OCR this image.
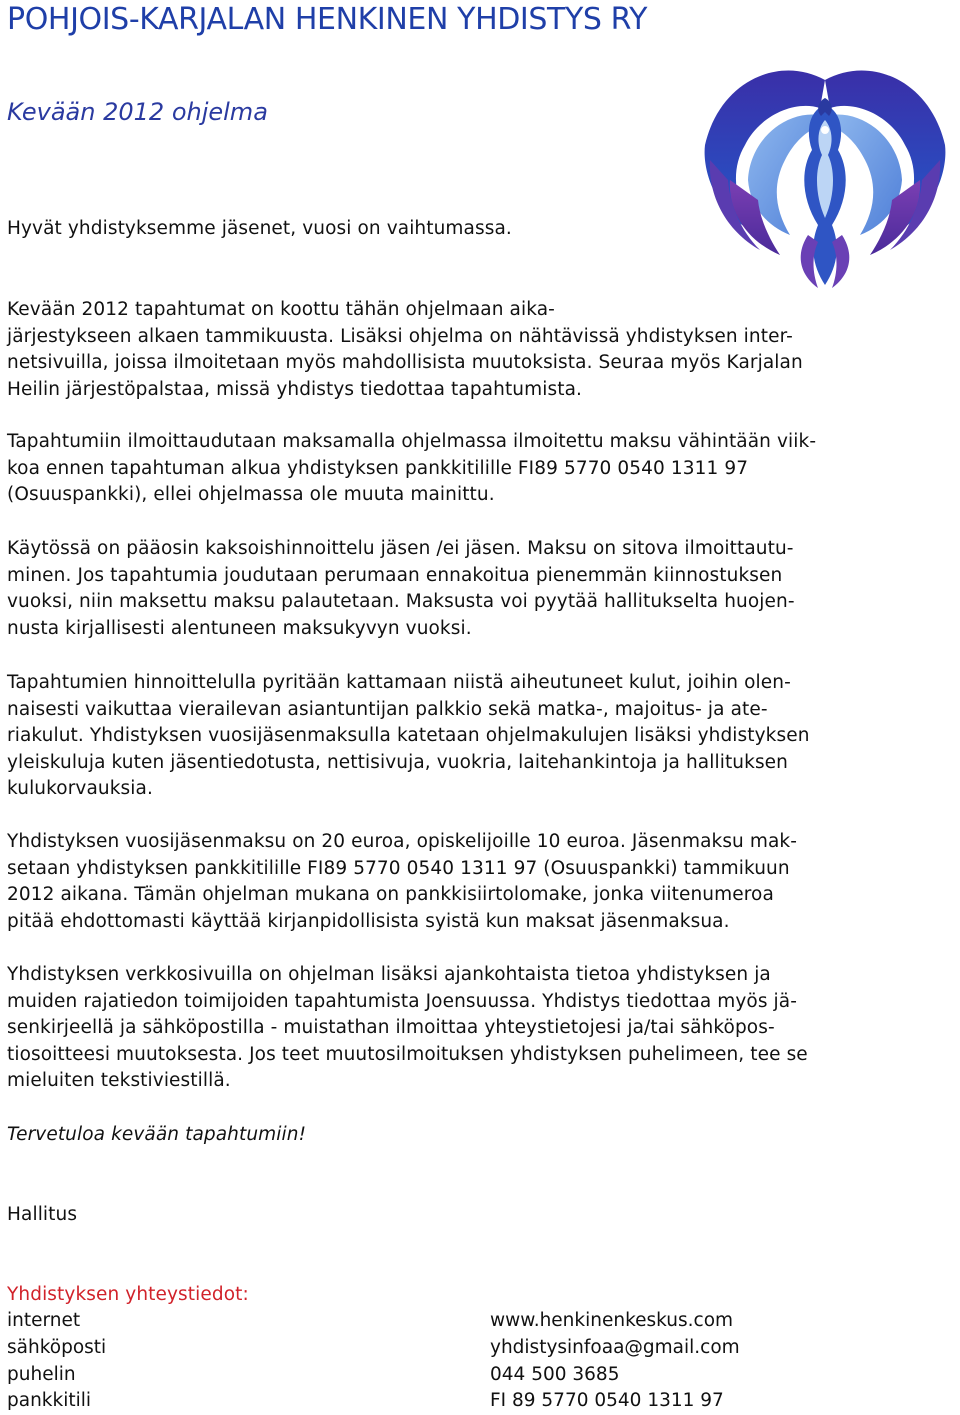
POHJOIS-KARJALAN HENKINEN YHDISTYS RY
Kevään 2012 ohjelma

Hyvät yhdistyksemme jäsenet, vuosi on vaihtumassa.

Kevään 2012 tapahtumat on koottu tähän ohjelmaan aika-
järjestykseen alkaen tammikuusta. Lisäksi ohjelma on nähtävissä yhdistyksen inter-
netsivuilla, joissa ilmoitetaan myös mahdollisista muutoksista. Seuraa myös Karjalan
Heilin järjestöpalstaa, missä yhdistys tiedottaa tapahtumista.

Tapahtumiin ilmoittaudutaan maksamalla ohjelmassa ilmoitettu maksu vähintään viik-
koa ennen tapahtuman alkua yhdistyksen pankkitilille FI89 5770 0540 1311 97
(Osuuspankki), ellei ohjelmassa ole muuta mainittu.

Käytössä on pääosin kaksoishinnoittelu jäsen /ei jäsen. Maksu on sitova ilmoittautu-
minen. Jos tapahtumia joudutaan perumaan ennakoitua pienemmän kiinnostuksen
vuoksi, niin maksettu maksu palautetaan. Maksusta voi pyytää hallitukselta huojen-
nusta kirjallisesti alentuneen maksukyvyn vuoksi.

Tapahtumien hinnoittelulla pyritään kattamaan niistä aiheutuneet kulut, joihin olen-
naisesti vaikuttaa vierailevan asiantuntijan palkkio sekä matka-, majoitus- ja ate-
riakulut. Yhdistyksen vuosijäsenmaksulla katetaan ohjelmakulujen lisäksi yhdistyksen
yleiskuluja kuten jäsentiedotusta, nettisivuja, vuokria, laitehankintoja ja hallituksen
kulukorvauksia.

Yhdistyksen vuosijäsenmaksu on 20 euroa, opiskelijoille 10 euroa. Jäsenmaksu mak-
setaan yhdistyksen pankkitilille FI89 5770 0540 1311 97 (Osuuspankki) tammikuun
2012 aikana. Tämän ohjelman mukana on pankkisiirtolomake, jonka viitenumeroa
pitää ehdottomasti käyttää kirjanpidollisista syistä kun maksat jäsenmaksua.

Yhdistyksen verkkosivuilla on ohjelman lisäksi ajankohtaista tietoa yhdistyksen ja
muiden rajatiedon toimijoiden tapahtumista Joensuussa. Yhdistys tiedottaa myös jä-
senkirjeellä ja sähköpostilla - muistathan ilmoittaa yhteystietojesi ja/tai sähköpos-
tiosoitteesi muutoksesta. Jos teet muutosilmoituksen yhdistyksen puhelimeen, tee se
mieluiten tekstiviestillä.

Tervetuloa kevään tapahtumiin!

Hallitus

Yhdistyksen yhteystiedot:

internet	www.henkinenkeskus.com
sähköposti	yhdistysinfoaa@gmail.com
puhelin	044 500 3685
pankkitili	FI 89 5770 0540 1311 97
